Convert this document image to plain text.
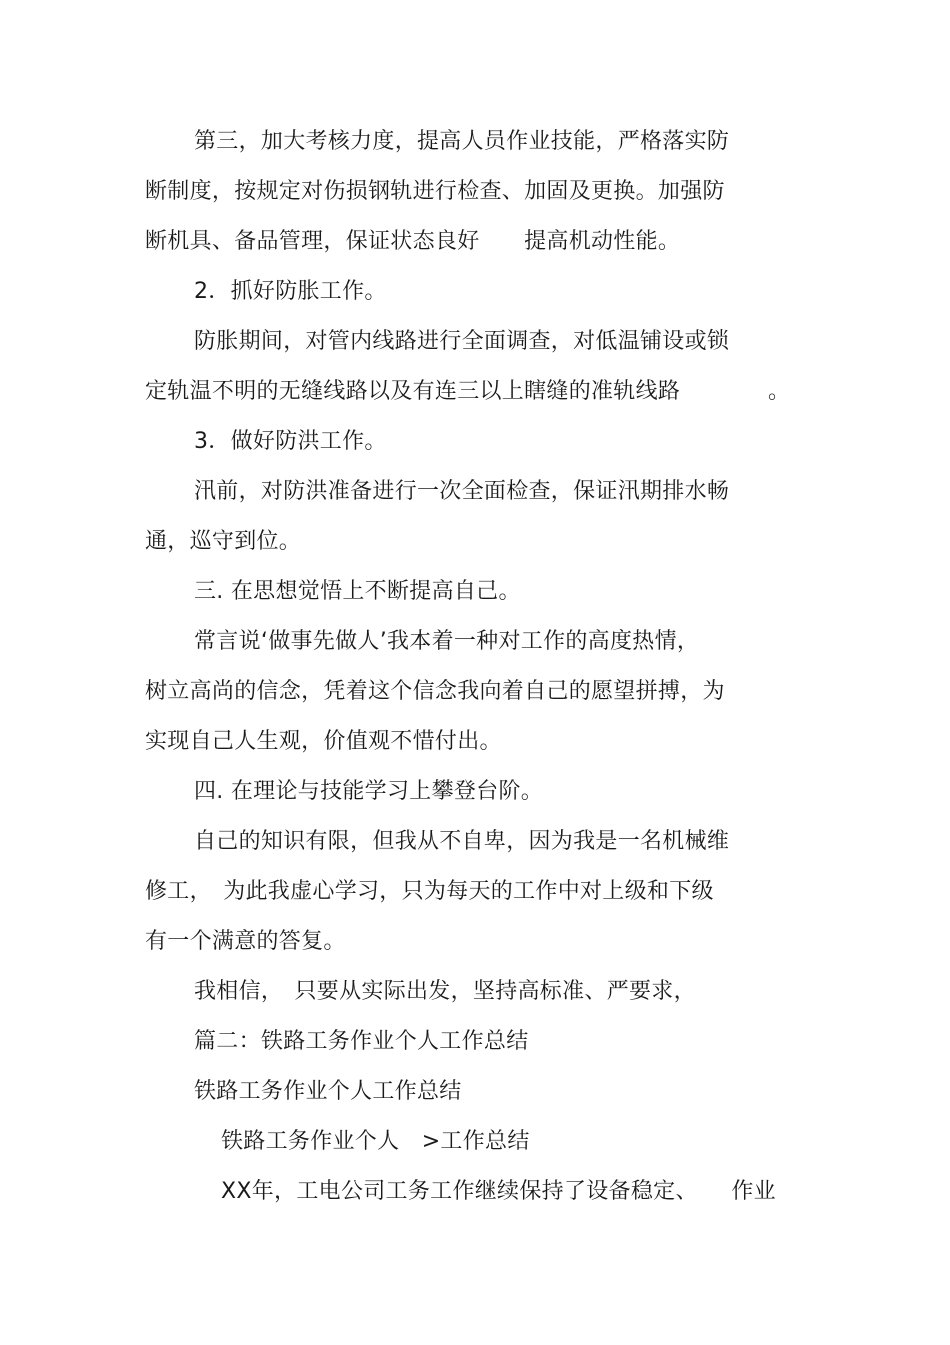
第三，加大考核力度，提高人员作业技能，严格落实防
断制度，按规定对伤损钢轨进行检查、加固及更换。加强防
断机具、备品管理，保证状态良好　　提高机动性能。
2．抓好防胀工作。
防胀期间，对管内线路进行全面调查，对低温铺设或锁
定轨温不明的无缝线路以及有连三以上瞎缝的准轨线路	。
3．做好防洪工作。
汛前，对防洪准备进行一次全面检查，保证汛期排水畅
通，巡守到位。
三. 在思想觉悟上不断提高自己。
常言说‘做事先做人’我本着一种对工作的高度热情，
树立高尚的信念，凭着这个信念我向着自己的愿望拼搏，为
实现自己人生观，价值观不惜付出。
四. 在理论与技能学习上攀登台阶。
自己的知识有限，但我从不自卑，因为我是一名机械维
修工，　为此我虚心学习，只为每天的工作中对上级和下级
有一个满意的答复。
我相信，　只要从实际出发，坚持高标准、严要求，
篇二：铁路工务作业个人工作总结
铁路工务作业个人工作总结
铁路工务作业个人　>工作总结
XX年，工电公司工务工作继续保持了设备稳定、　　作业
